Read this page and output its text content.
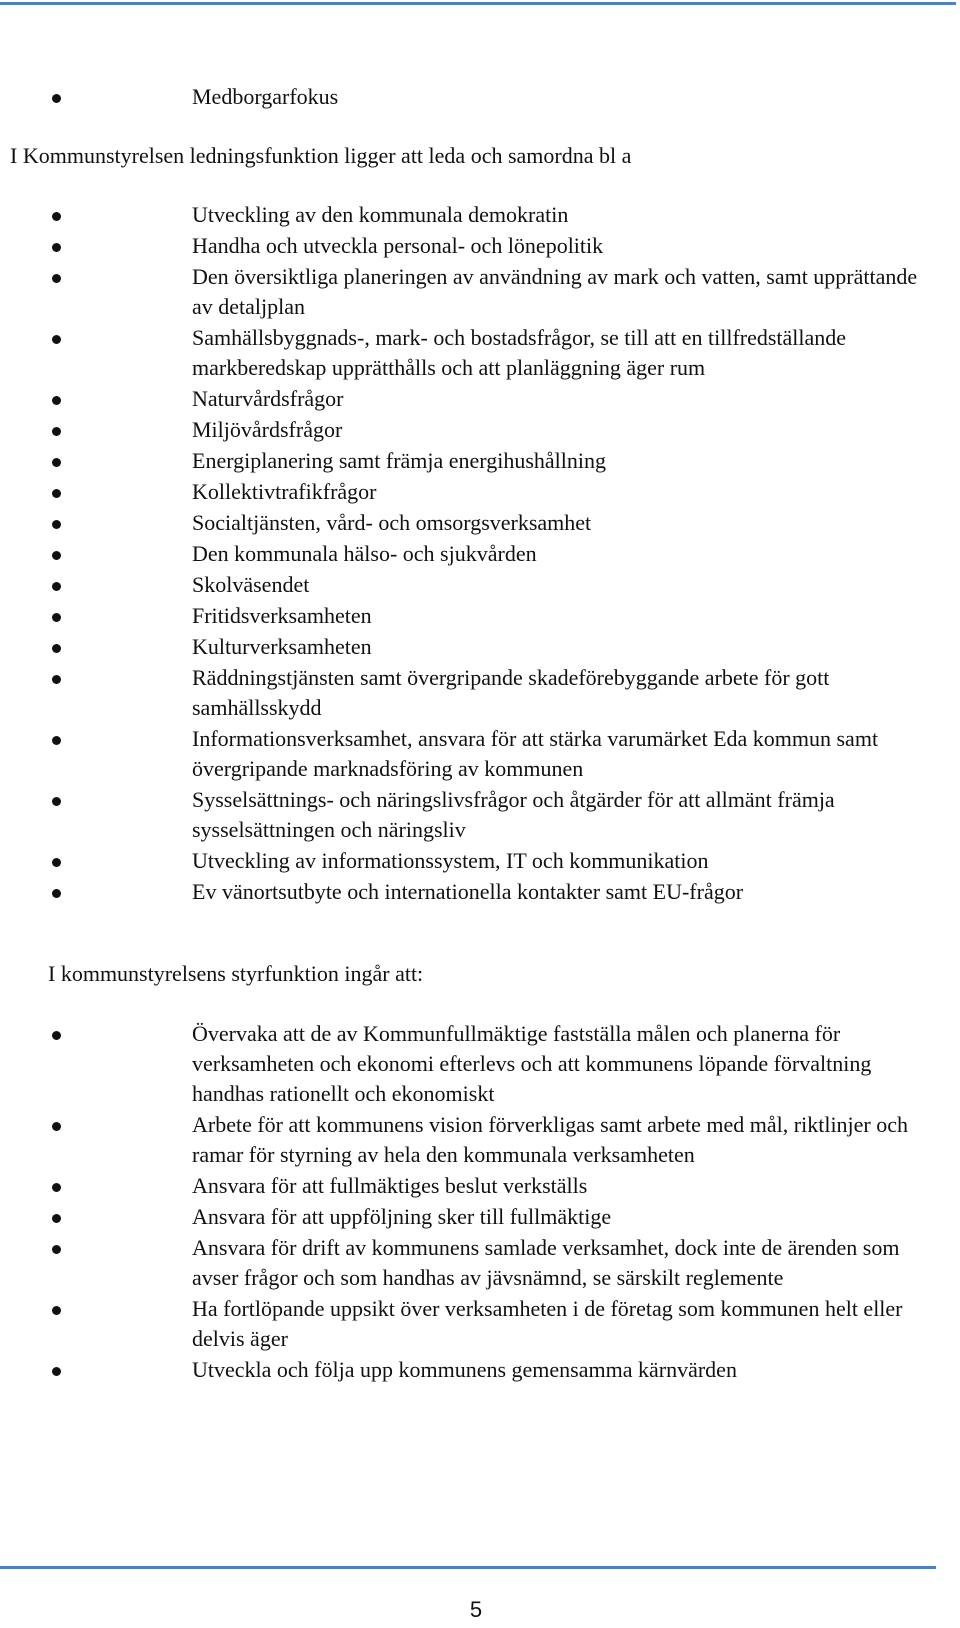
Medborgarfokus
I Kommunstyrelsen ledningsfunktion ligger att leda och samordna bl a
Utveckling av den kommunala demokratin
Handha och utveckla personal- och lönepolitik
Den översiktliga planeringen av användning av mark och vatten, samt upprättande av detaljplan
Samhällsbyggnads-, mark- och bostadsfrågor, se till att en tillfredställande markberedskap upprätthålls och att planläggning äger rum
Naturvårdsfrågor
Miljövårdsfrågor
Energiplanering samt främja energihushållning
Kollektivtrafikfrågor
Socialtjänsten, vård- och omsorgsverksamhet
Den kommunala hälso- och sjukvården
Skolväsendet
Fritidsverksamheten
Kulturverksamheten
Räddningstjänsten samt övergripande skadeförebyggande arbete för gott samhällsskydd
Informationsverksamhet, ansvara för att stärka varumärket Eda kommun samt övergripande marknadsföring av kommunen
Sysselsättnings- och näringslivsfrågor och åtgärder för att allmänt främja sysselsättningen och näringsliv
Utveckling av informationssystem, IT och kommunikation
Ev vänortsutbyte och internationella kontakter samt EU-frågor
I kommunstyrelsens styrfunktion ingår att:
Övervaka att de av Kommunfullmäktige fastställa målen och planerna för verksamheten och ekonomi efterlevs och att kommunens löpande förvaltning handhas rationellt och ekonomiskt
Arbete för att kommunens vision förverkligas samt arbete med mål, riktlinjer och ramar för styrning av hela den kommunala verksamheten
Ansvara för att fullmäktiges beslut verkställs
Ansvara för att uppföljning sker till fullmäktige
Ansvara för drift av kommunens samlade verksamhet, dock inte de ärenden som avser frågor och som handhas av jävsnämnd, se särskilt reglemente
Ha fortlöpande uppsikt över verksamheten i de företag som kommunen helt eller delvis äger
Utveckla och följa upp kommunens gemensamma kärnvärden
5
